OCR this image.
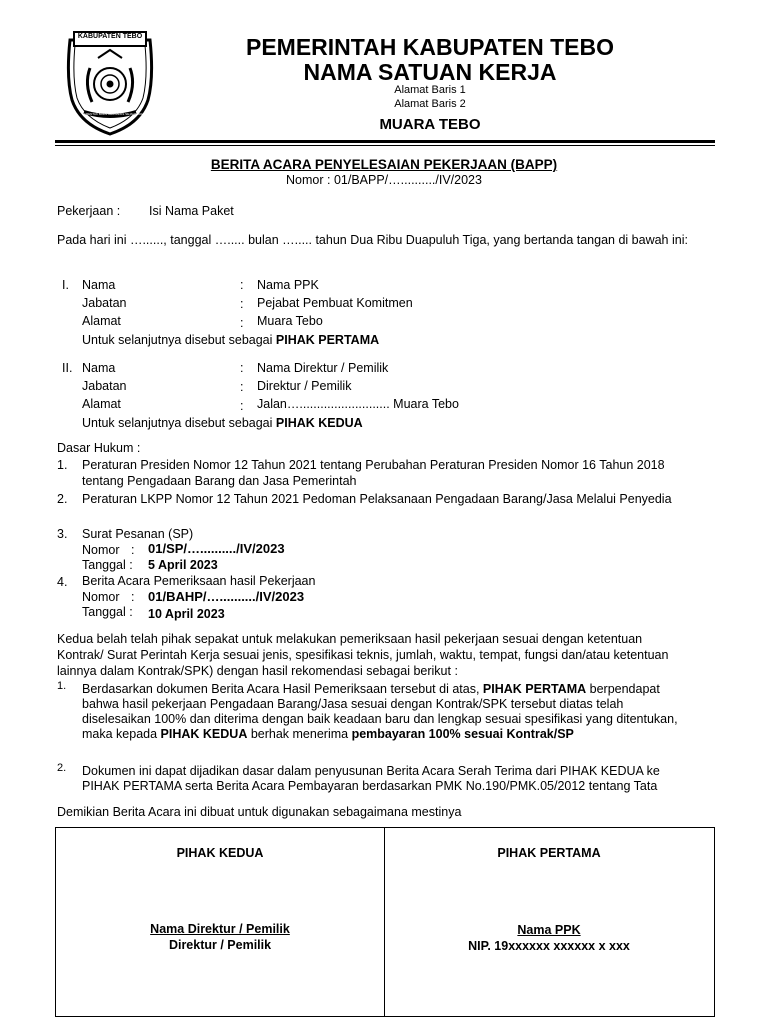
KABUPATEN TEBO
SERENTAK BALAI BERNAPAS SEJAHTERA
PEMERINTAH KABUPATEN TEBO
NAMA SATUAN KERJA
Alamat Baris 1
Alamat Baris 2
MUARA TEBO
BERITA ACARA PENYELESAIAN PEKERJAAN (BAPP)
Nomor : 01/BAPP/…........../IV/2023
Pekerjaan : Isi Nama Paket
Pada hari ini …......, tanggal …..... bulan …..... tahun Dua Ribu Duapuluh Tiga, yang bertanda tangan di bawah ini:
I. Nama	: Nama PPK
Jabatan	: Pejabat Pembuat Komitmen
Alamat	: Muara Tebo
Untuk selanjutnya disebut sebagai PIHAK PERTAMA
II. Nama	: Nama Direktur / Pemilik
Jabatan	: Direktur / Pemilik
Alamat	: Jalan….......................... Muara Tebo
Untuk selanjutnya disebut sebagai PIHAK KEDUA
Dasar Hukum :
1. Peraturan Presiden Nomor 12 Tahun 2021 tentang Perubahan Peraturan Presiden Nomor 16 Tahun 2018
tentang Pengadaan Barang dan Jasa Pemerintah
2. Peraturan LKPP Nomor 12 Tahun 2021 Pedoman Pelaksanaan Pengadaan Barang/Jasa Melalui Penyedia
3. Surat Pesanan (SP)
Nomor : 01/SP/…........../IV/2023
Tanggal : 5 April 2023
4. Berita Acara Pemeriksaan hasil Pekerjaan
Nomor : 01/BAHP/…........../IV/2023
Tanggal : 10 April 2023
Kedua belah telah pihak sepakat untuk melakukan pemeriksaan hasil pekerjaan sesuai dengan ketentuan
Kontrak/ Surat Perintah Kerja sesuai jenis, spesifikasi teknis, jumlah, waktu, tempat, fungsi dan/atau ketentuan
lainnya dalam Kontrak/SPK) dengan hasil rekomendasi sebagai berikut :
1. Berdasarkan dokumen Berita Acara Hasil Pemeriksaan tersebut di atas, PIHAK PERTAMA berpendapat
bahwa hasil pekerjaan Pengadaan Barang/Jasa sesuai dengan Kontrak/SPK tersebut diatas telah
diselesaikan 100% dan diterima dengan baik keadaan baru dan lengkap sesuai spesifikasi yang ditentukan,
maka kepada PIHAK KEDUA berhak menerima pembayaran 100% sesuai Kontrak/SP
2. Dokumen ini dapat dijadikan dasar dalam penyusunan Berita Acara Serah Terima dari PIHAK KEDUA ke
PIHAK PERTAMA serta Berita Acara Pembayaran berdasarkan PMK No.190/PMK.05/2012 tentang Tata
Demikian Berita Acara ini dibuat untuk digunakan sebagaimana mestinya
PIHAK KEDUA	PIHAK PERTAMA
Nama Direktur / Pemilik
Direktur / Pemilik
Nama PPK
NIP. 19xxxxxx xxxxxx x xxx
